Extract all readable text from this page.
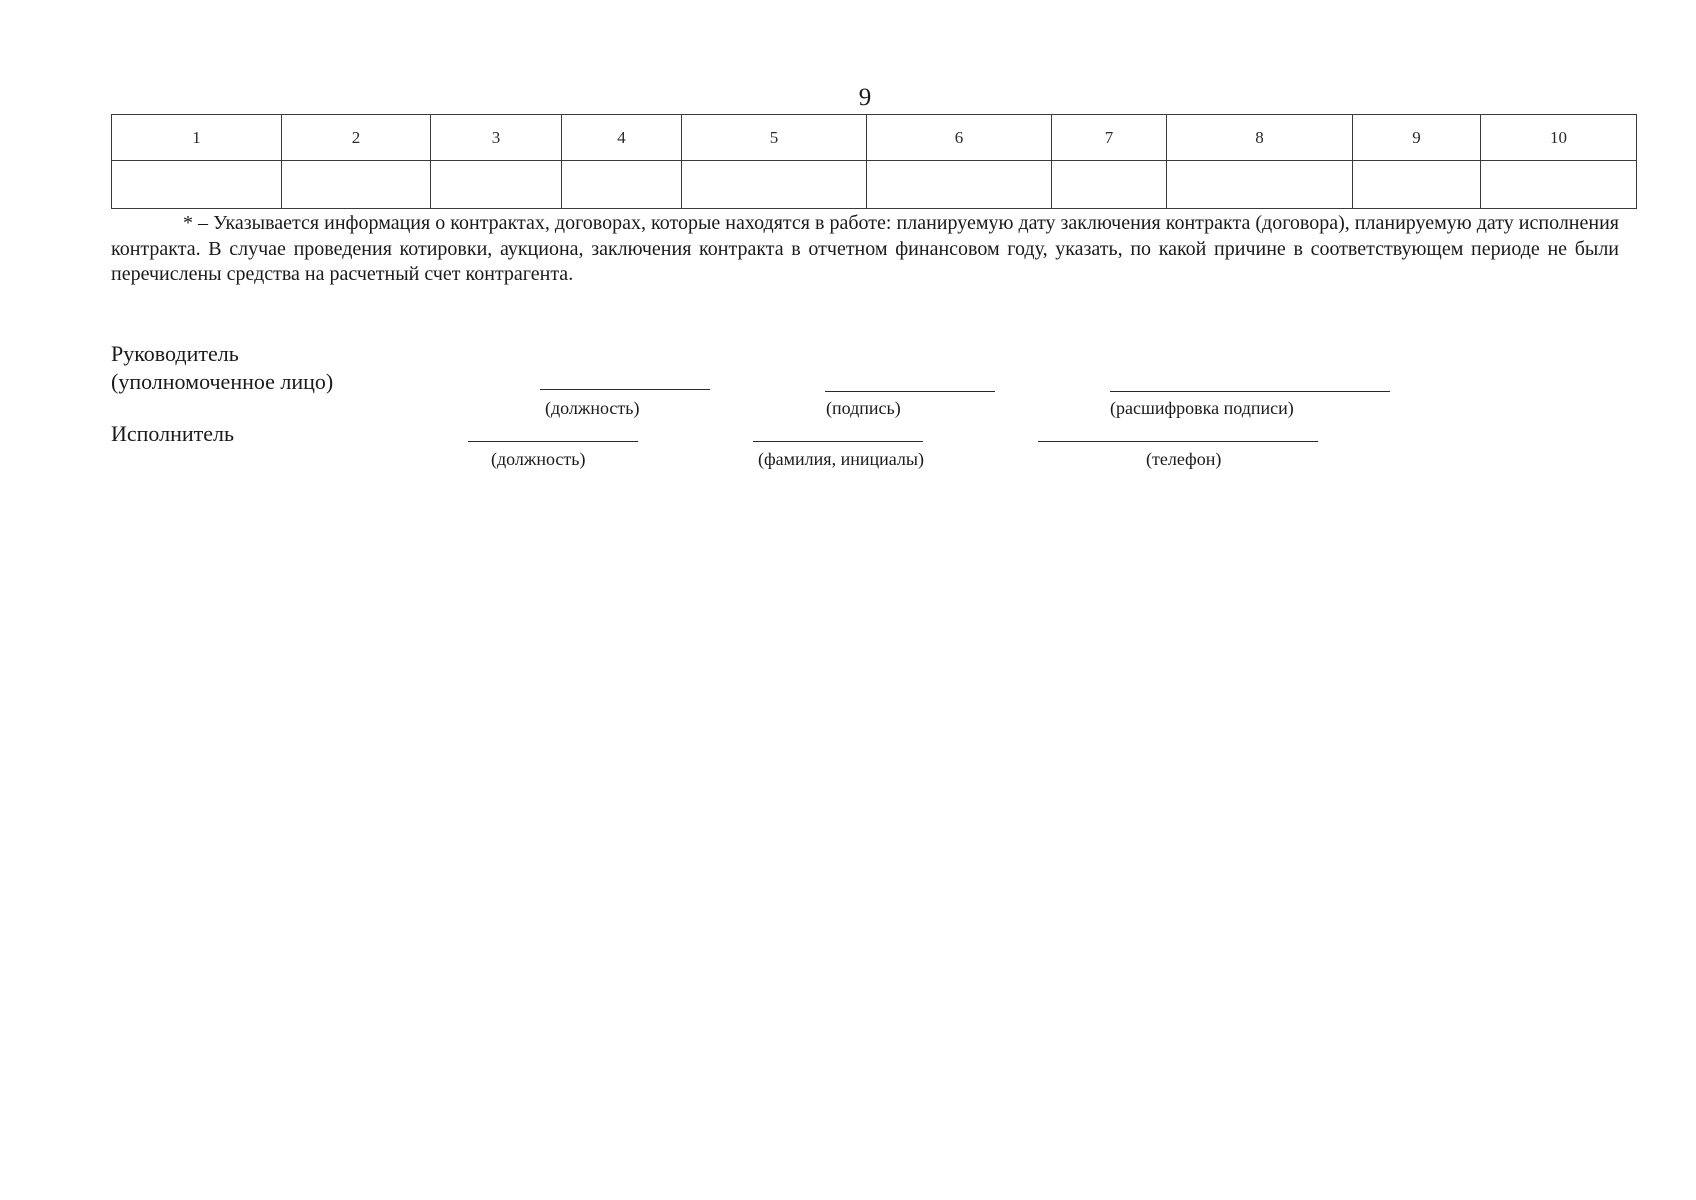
9
1	2	3	4	5	6	7	8	9	10

* – Указывается информация о контрактах, договорах, которые находятся в работе: планируемую дату заключения контракта (договора), планируемую дату исполнения контракта. В случае проведения котировки, аукциона, заключения контракта в отчетном финансовом году, указать, по какой причине в соответствующем периоде не были перечислены средства на расчетный счет контрагента.

Руководитель
(уполномоченное лицо)
(должность)	(подпись)	(расшифровка подписи)
Исполнитель
(должность)	(фамилия, инициалы)	(телефон)
